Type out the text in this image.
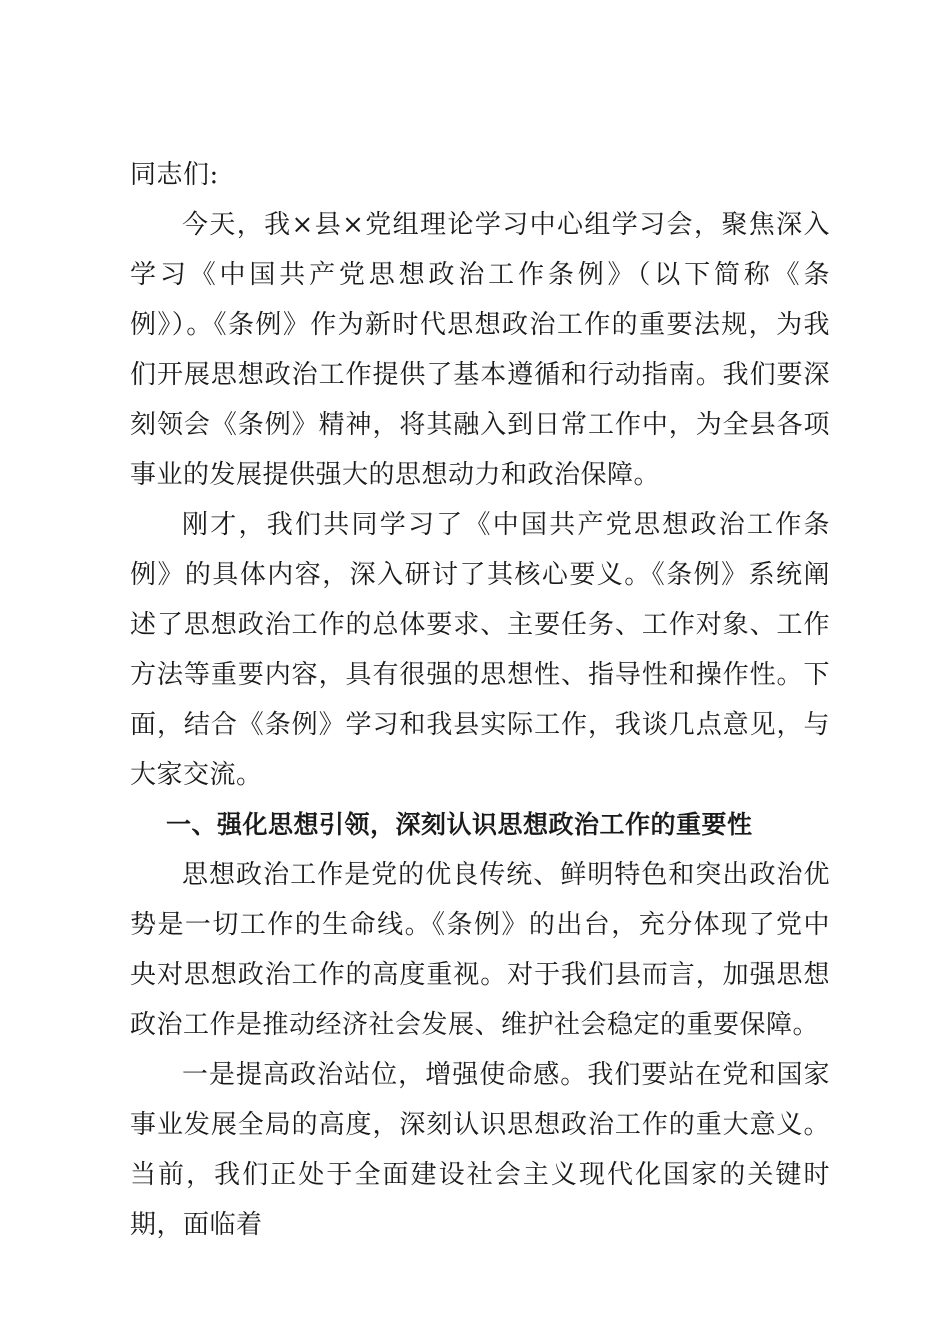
同志们:

今天，我×县×党组理论学习中心组学习会，聚焦深入学习《中国共产党思想政治工作条例》（以下简称《条例》）。《条例》作为新时代思想政治工作的重要法规，为我们开展思想政治工作提供了基本遵循和行动指南。我们要深刻领会《条例》精神，将其融入到日常工作中，为全县各项事业的发展提供强大的思想动力和政治保障。

刚才，我们共同学习了《中国共产党思想政治工作条例》的具体内容，深入研讨了其核心要义。《条例》系统阐述了思想政治工作的总体要求、主要任务、工作对象、工作方法等重要内容，具有很强的思想性、指导性和操作性。下面，结合《条例》学习和我县实际工作，我谈几点意见，与大家交流。

一、强化思想引领，深刻认识思想政治工作的重要性

思想政治工作是党的优良传统、鲜明特色和突出政治优势是一切工作的生命线。《条例》的出台，充分体现了党中央对思想政治工作的高度重视。对于我们县而言，加强思想政治工作是推动经济社会发展、维护社会稳定的重要保障。

一是提高政治站位，增强使命感。我们要站在党和国家事业发展全局的高度，深刻认识思想政治工作的重大意义。当前，我们正处于全面建设社会主义现代化国家的关键时期，面临着
